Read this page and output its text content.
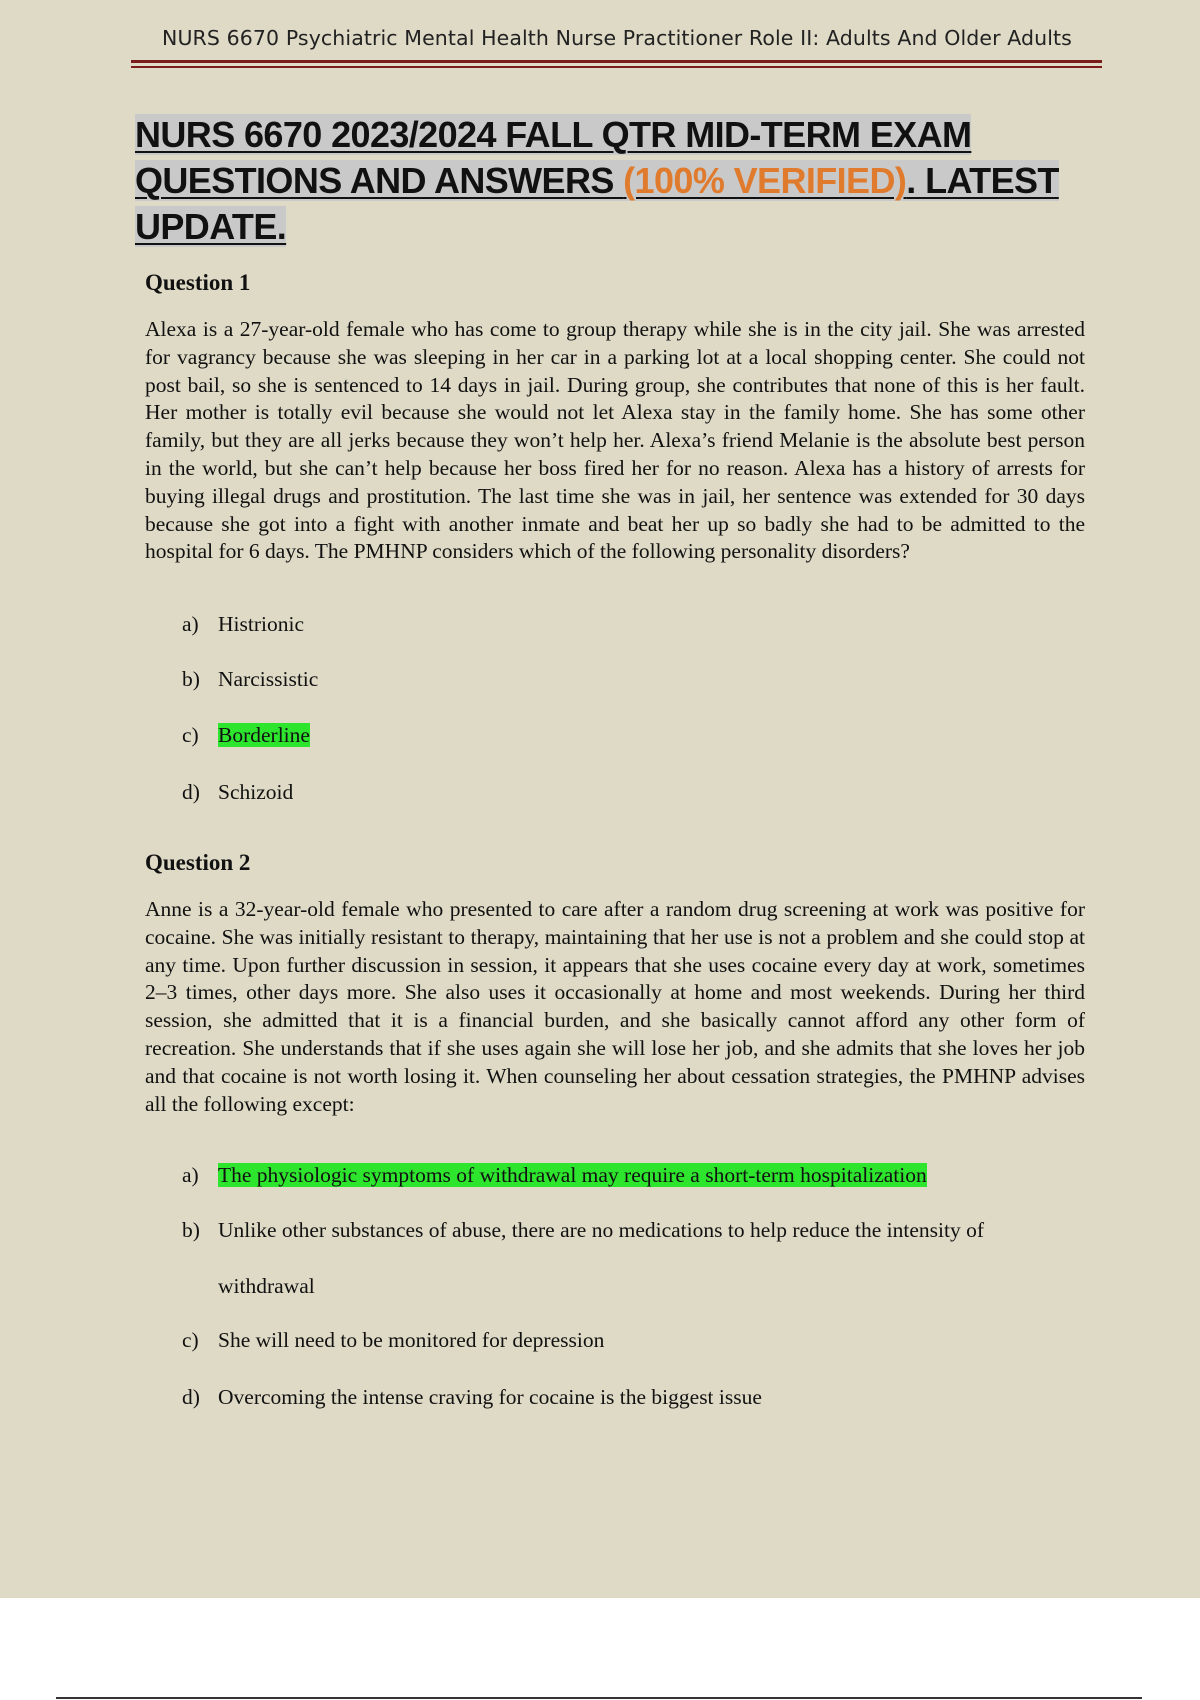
NURS 6670 Psychiatric Mental Health Nurse Practitioner Role II: Adults And Older Adults
NURS 6670 2023/2024 FALL QTR MID-TERM EXAM QUESTIONS AND ANSWERS (100% VERIFIED). LATEST UPDATE.
Question 1
Alexa is a 27-year-old female who has come to group therapy while she is in the city jail. She was arrested for vagrancy because she was sleeping in her car in a parking lot at a local shopping center. She could not post bail, so she is sentenced to 14 days in jail. During group, she contributes that none of this is her fault. Her mother is totally evil because she would not let Alexa stay in the family home. She has some other family, but they are all jerks because they won’t help her. Alexa’s friend Melanie is the absolute best person in the world, but she can’t help because her boss fired her for no reason. Alexa has a history of arrests for buying illegal drugs and prostitution. The last time she was in jail, her sentence was extended for 30 days because she got into a fight with another inmate and beat her up so badly she had to be admitted to the hospital for 6 days. The PMHNP considers which of the following personality disorders?
a) Histrionic
b) Narcissistic
c) Borderline
d) Schizoid
Question 2
Anne is a 32-year-old female who presented to care after a random drug screening at work was positive for cocaine. She was initially resistant to therapy, maintaining that her use is not a problem and she could stop at any time. Upon further discussion in session, it appears that she uses cocaine every day at work, sometimes 2–3 times, other days more. She also uses it occasionally at home and most weekends. During her third session, she admitted that it is a financial burden, and she basically cannot afford any other form of recreation. She understands that if she uses again she will lose her job, and she admits that she loves her job and that cocaine is not worth losing it. When counseling her about cessation strategies, the PMHNP advises all the following except:
a) The physiologic symptoms of withdrawal may require a short-term hospitalization
b) Unlike other substances of abuse, there are no medications to help reduce the intensity of
withdrawal
c) She will need to be monitored for depression
d) Overcoming the intense craving for cocaine is the biggest issue
